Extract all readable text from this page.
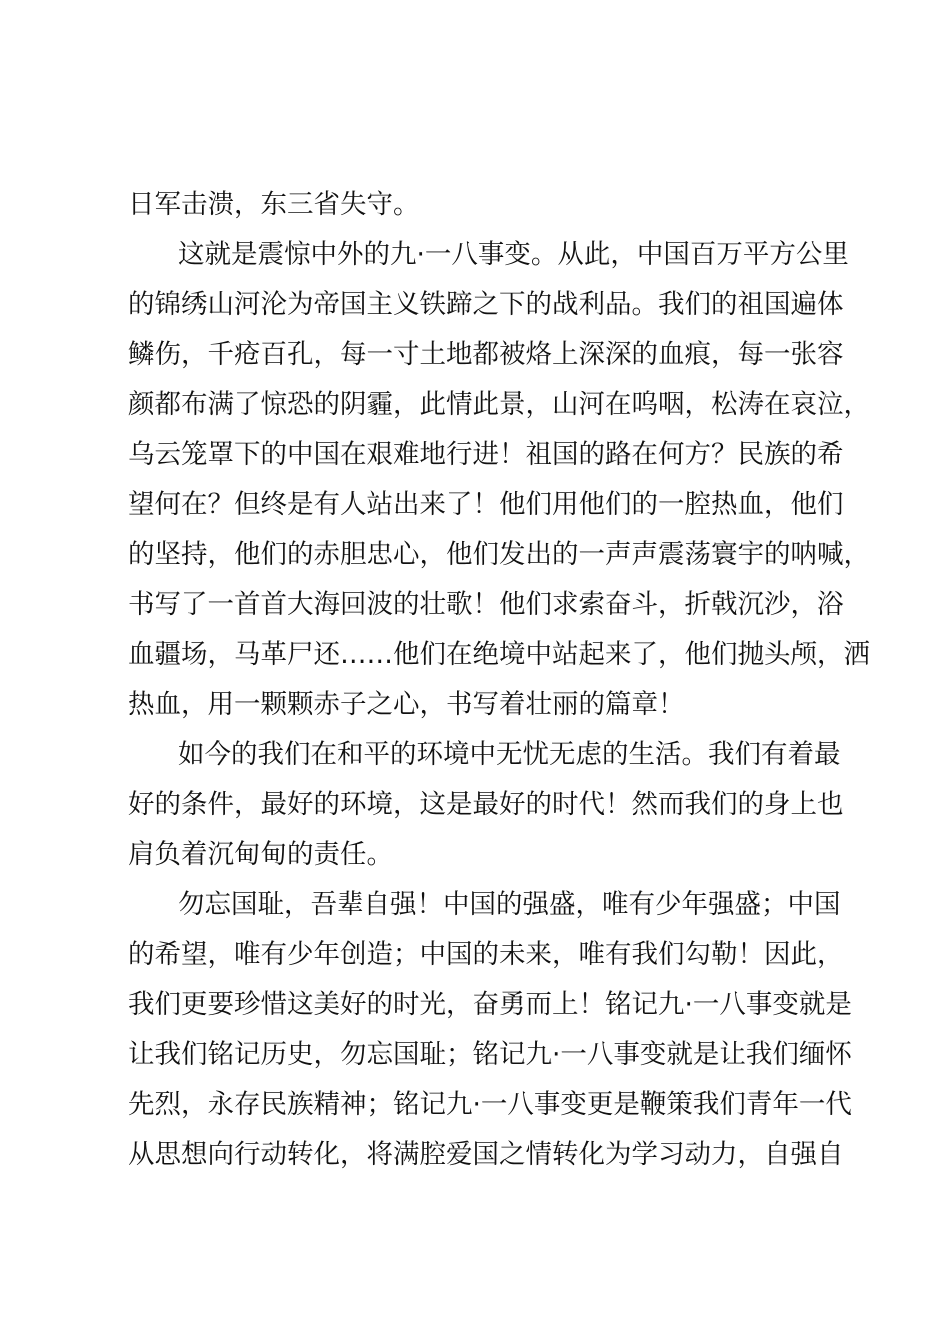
日军击溃，东三省失守。
这就是震惊中外的九·一八事变。从此，中国百万平方公里
的锦绣山河沦为帝国主义铁蹄之下的战利品。我们的祖国遍体
鳞伤，千疮百孔，每一寸土地都被烙上深深的血痕，每一张容
颜都布满了惊恐的阴霾，此情此景，山河在呜咽，松涛在哀泣，
乌云笼罩下的中国在艰难地行进！祖国的路在何方？民族的希
望何在？但终是有人站出来了！他们用他们的一腔热血，他们
的坚持，他们的赤胆忠心，他们发出的一声声震荡寰宇的呐喊，
书写了一首首大海回波的壮歌！他们求索奋斗，折戟沉沙，浴
血疆场，马革尸还……他们在绝境中站起来了，他们抛头颅，洒
热血，用一颗颗赤子之心，书写着壮丽的篇章！
如今的我们在和平的环境中无忧无虑的生活。我们有着最
好的条件，最好的环境，这是最好的时代！然而我们的身上也
肩负着沉甸甸的责任。
勿忘国耻，吾辈自强！中国的强盛，唯有少年强盛；中国
的希望，唯有少年创造；中国的未来，唯有我们勾勒！因此，
我们更要珍惜这美好的时光，奋勇而上！铭记九·一八事变就是
让我们铭记历史，勿忘国耻；铭记九·一八事变就是让我们缅怀
先烈，永存民族精神；铭记九·一八事变更是鞭策我们青年一代
从思想向行动转化，将满腔爱国之情转化为学习动力，自强自
